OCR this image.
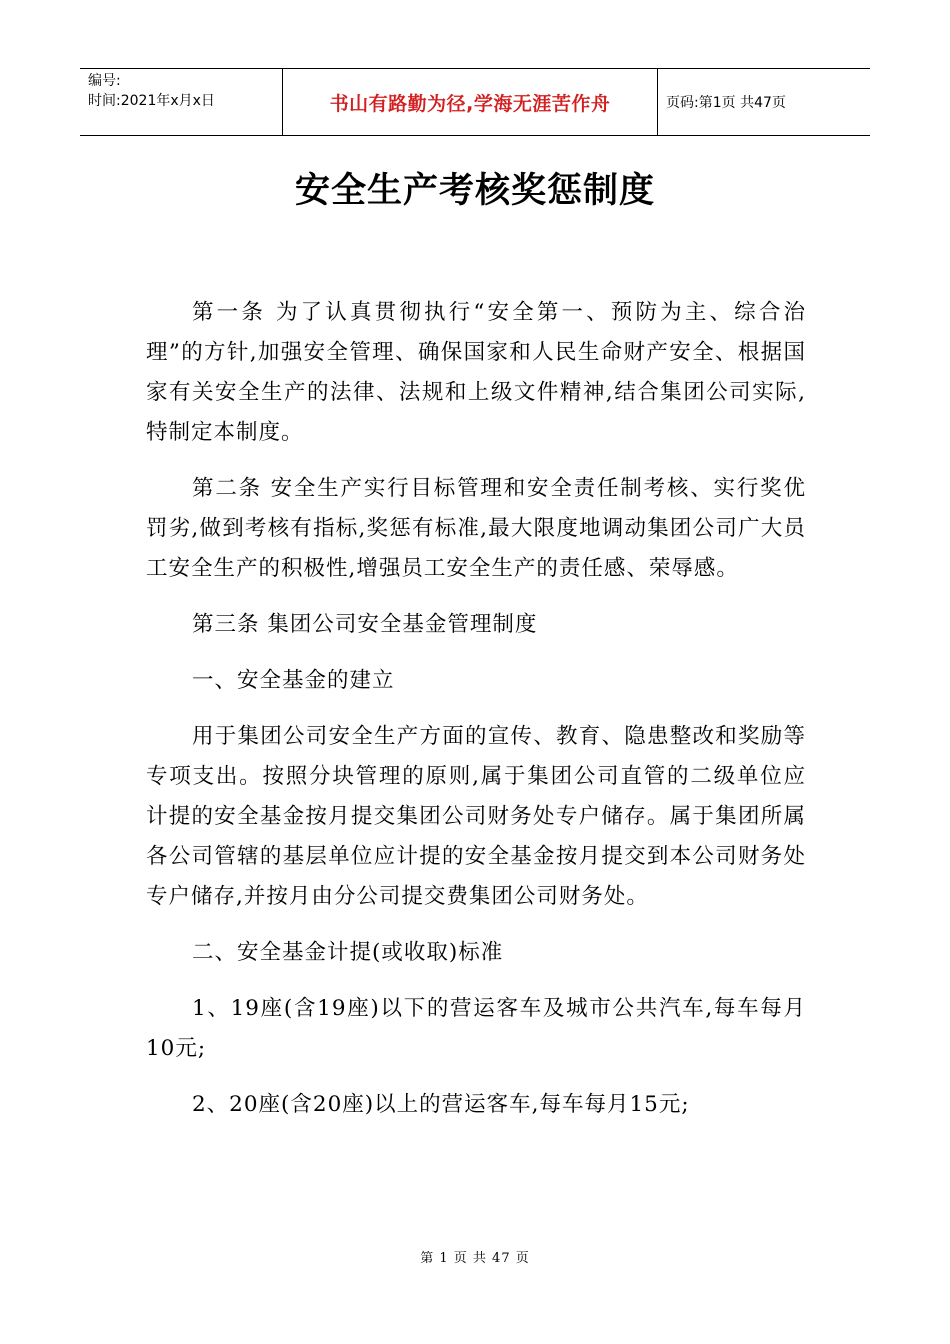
编号:
时间:2021年x月x日	书山有路勤为径,学海无涯苦作舟	页码:第1页 共47页
安全生产考核奖惩制度

第一条 为了认真贯彻执行“安全第一、预防为主、综合治理”的方针,加强安全管理、确保国家和人民生命财产安全、根据国家有关安全生产的法律、法规和上级文件精神,结合集团公司实际,特制定本制度。

第二条 安全生产实行目标管理和安全责任制考核、实行奖优罚劣,做到考核有指标,奖惩有标准,最大限度地调动集团公司广大员工安全生产的积极性,增强员工安全生产的责任感、荣辱感。

第三条 集团公司安全基金管理制度

一、安全基金的建立

用于集团公司安全生产方面的宣传、教育、隐患整改和奖励等专项支出。按照分块管理的原则,属于集团公司直管的二级单位应计提的安全基金按月提交集团公司财务处专户储存。属于集团所属各公司管辖的基层单位应计提的安全基金按月提交到本公司财务处专户储存,并按月由分公司提交费集团公司财务处。

二、安全基金计提(或收取)标准

1、19座(含19座)以下的营运客车及城市公共汽车,每车每月10元;

2、20座(含20座)以上的营运客车,每车每月15元;

第 1 页 共 47 页
